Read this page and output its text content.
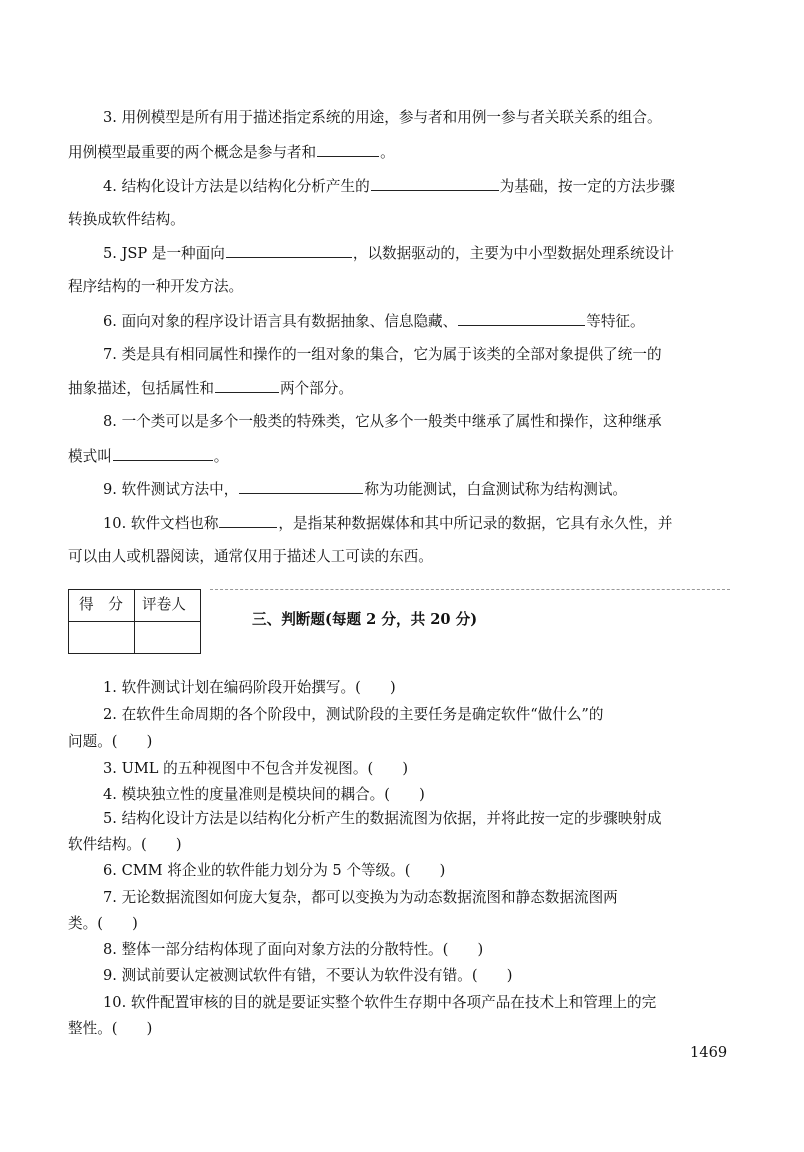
3. 用例模型是所有用于描述指定系统的用途，参与者和用例一参与者关联关系的组合。
用例模型最重要的两个概念是参与者和	。
4. 结构化设计方法是以结构化分析产生的	为基础，按一定的方法步骤
转换成软件结构。
5. JSP 是一种面向	，以数据驱动的，主要为中小型数据处理系统设计
程序结构的一种开发方法。
6. 面向对象的程序设计语言具有数据抽象、信息隐藏、	等特征。
7. 类是具有相同属性和操作的一组对象的集合，它为属于该类的全部对象提供了统一的
抽象描述，包括属性和	两个部分。
8. 一个类可以是多个一般类的特殊类，它从多个一般类中继承了属性和操作，这种继承
模式叫	。
9. 软件测试方法中，	称为功能测试，白盒测试称为结构测试。
10. 软件文档也称	，是指某种数据媒体和其中所记录的数据，它具有永久性，并
可以由人或机器阅读，通常仅用于描述人工可读的东西。
得　分 评卷人
三、判断题(每题 2 分，共 20 分)
1. 软件测试计划在编码阶段开始撰写。(　　)
2. 在软件生命周期的各个阶段中，测试阶段的主要任务是确定软件“做什么”的
问题。(　　)
3. UML 的五种视图中不包含并发视图。(　　)
4. 模块独立性的度量准则是模块间的耦合。(　　)
5. 结构化设计方法是以结构化分析产生的数据流图为依据，并将此按一定的步骤映射成
软件结构。(　　)
6. CMM 将企业的软件能力划分为 5 个等级。(　　)
7. 无论数据流图如何庞大复杂，都可以变换为为动态数据流图和静态数据流图两
类。(　　)
8. 整体一部分结构体现了面向对象方法的分散特性。(　　)
9. 测试前要认定被测试软件有错，不要认为软件没有错。(　　)
10. 软件配置审核的目的就是要证实整个软件生存期中各项产品在技术上和管理上的完
整性。(　　)
1469
